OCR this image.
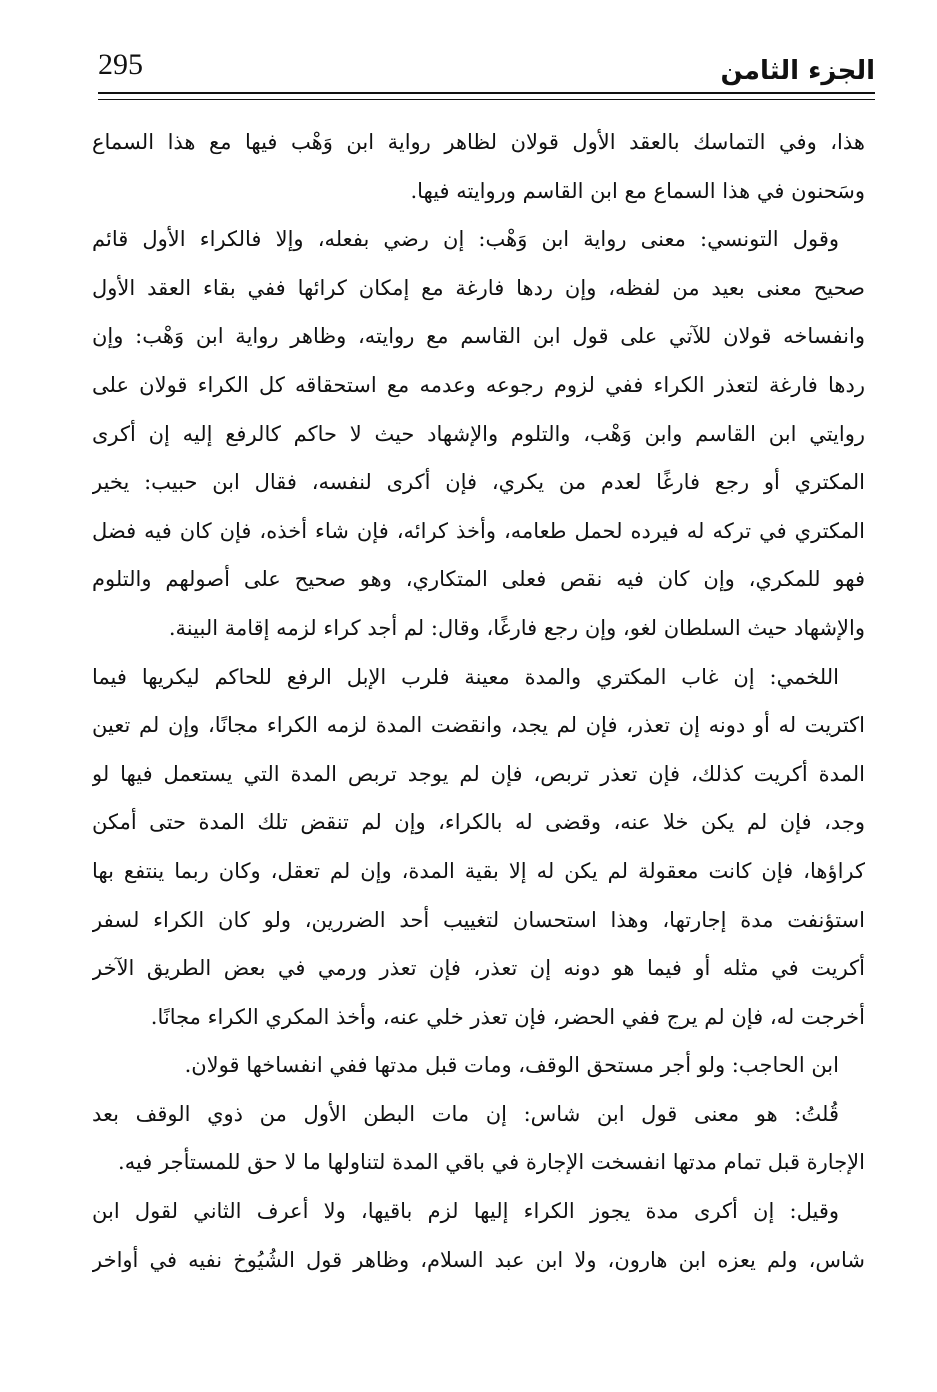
295	الجزء الثامن
هذا، وفي التماسك بالعقد الأول قولان لظاهر رواية ابن وَهْب فيها مع هذا السماع
وسَحنون في هذا السماع مع ابن القاسم وروايته فيها.
وقول التونسي: معنى رواية ابن وَهْب: إن رضي بفعله، وإلا فالكراء الأول قائم
صحيح معنى بعيد من لفظه، وإن ردها فارغة مع إمكان كرائها ففي بقاء العقد الأول
وانفساخه قولان للآتي على قول ابن القاسم مع روايته، وظاهر رواية ابن وَهْب: وإن
ردها فارغة لتعذر الكراء ففي لزوم رجوعه وعدمه مع استحقاقه كل الكراء قولان على
روايتي ابن القاسم وابن وَهْب، والتلوم والإشهاد حيث لا حاكم كالرفع إليه إن أكرى
المكتري أو رجع فارغًا لعدم من يكري، فإن أكرى لنفسه، فقال ابن حبيب: يخير
المكتري في تركه له فيرده لحمل طعامه، وأخذ كرائه، فإن شاء أخذه، فإن كان فيه فضل
فهو للمكري، وإن كان فيه نقص فعلى المتكاري، وهو صحيح على أصولهم والتلوم
والإشهاد حيث السلطان لغو، وإن رجع فارغًا، وقال: لم أجد كراء لزمه إقامة البينة.
اللخمي: إن غاب المكتري والمدة معينة فلرب الإبل الرفع للحاكم ليكريها فيما
اكتريت له أو دونه إن تعذر، فإن لم يجد، وانقضت المدة لزمه الكراء مجانًا، وإن لم تعين
المدة أكريت كذلك، فإن تعذر تربص، فإن لم يوجد تربص المدة التي يستعمل فيها لو
وجد، فإن لم يكن خلا عنه، وقضى له بالكراء، وإن لم تنقض تلك المدة حتى أمكن
كراؤها، فإن كانت معقولة لم يكن له إلا بقية المدة، وإن لم تعقل، وكان ربما ينتفع بها
استؤنفت مدة إجارتها، وهذا استحسان لتغييب أحد الضررين، ولو كان الكراء لسفر
أكريت في مثله أو فيما هو دونه إن تعذر، فإن تعذر ورمي في بعض الطريق الآخر
أخرجت له، فإن لم يرج ففي الحضر، فإن تعذر خلي عنه، وأخذ المكري الكراء مجانًا.
ابن الحاجب: ولو أجر مستحق الوقف، ومات قبل مدتها ففي انفساخها قولان.
قُلتُ: هو معنى قول ابن شاس: إن مات البطن الأول من ذوي الوقف بعد
الإجارة قبل تمام مدتها انفسخت الإجارة في باقي المدة لتناولها ما لا حق للمستأجر فيه.
وقيل: إن أكرى مدة يجوز الكراء إليها لزم باقيها، ولا أعرف الثاني لقول ابن
شاس، ولم يعزه ابن هارون، ولا ابن عبد السلام، وظاهر قول الشُيُوخ نفيه في أواخر
